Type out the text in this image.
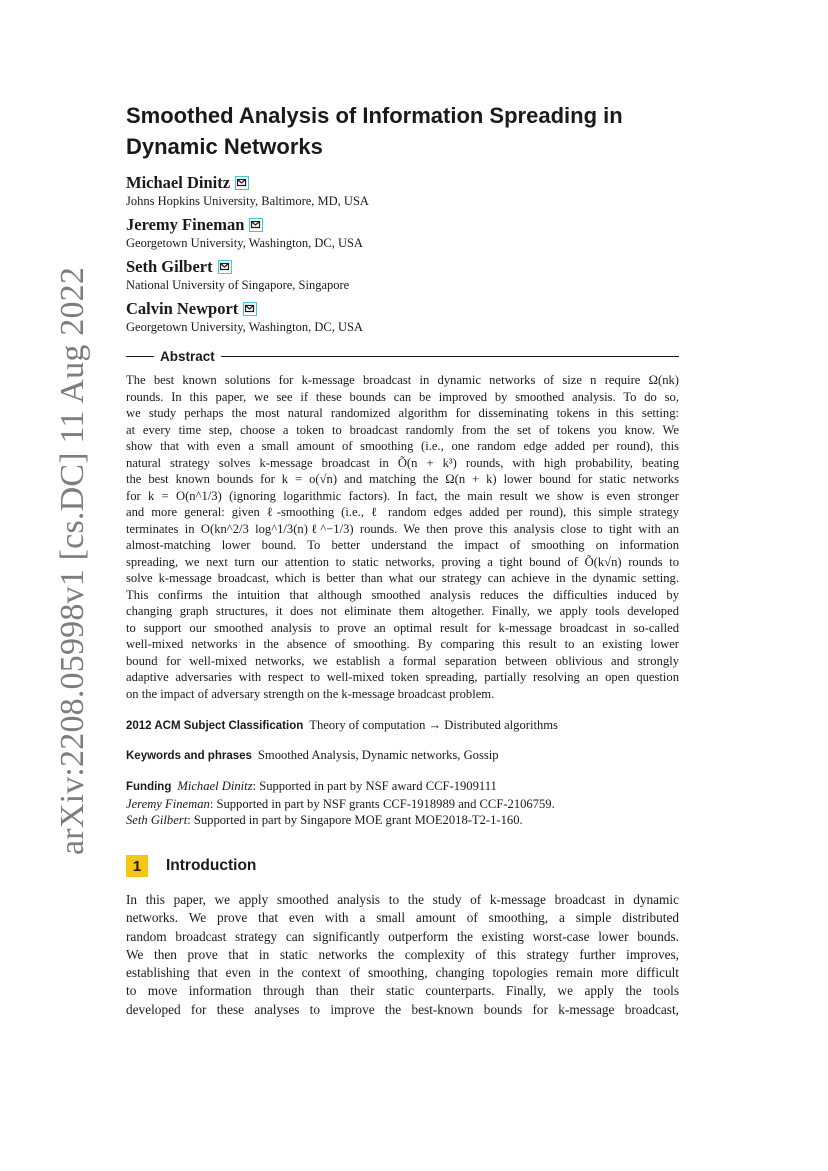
arXiv:2208.05998v1 [cs.DC] 11 Aug 2022
Smoothed Analysis of Information Spreading in
Dynamic Networks
Michael Dinitz
Johns Hopkins University, Baltimore, MD, USA
Jeremy Fineman
Georgetown University, Washington, DC, USA
Seth Gilbert
National University of Singapore, Singapore
Calvin Newport
Georgetown University, Washington, DC, USA
Abstract
The best known solutions for k-message broadcast in dynamic networks of size n require Ω(nk)
rounds. In this paper, we see if these bounds can be improved by smoothed analysis. To do so,
we study perhaps the most natural randomized algorithm for disseminating tokens in this setting:
at every time step, choose a token to broadcast randomly from the set of tokens you know. We
show that with even a small amount of smoothing (i.e., one random edge added per round), this
natural strategy solves k-message broadcast in Õ(n + k³) rounds, with high probability, beating
the best known bounds for k = o(√n) and matching the Ω(n + k) lower bound for static networks
for k = O(n^1/3) (ignoring logarithmic factors). In fact, the main result we show is even stronger
and more general: given ℓ-smoothing (i.e., ℓ random edges added per round), this simple strategy
terminates in O(kn^2/3 log^1/3(n)ℓ^−1/3) rounds. We then prove this analysis close to tight with an
almost-matching lower bound. To better understand the impact of smoothing on information
spreading, we next turn our attention to static networks, proving a tight bound of Õ(k√n) rounds to
solve k-message broadcast, which is better than what our strategy can achieve in the dynamic setting.
This confirms the intuition that although smoothed analysis reduces the difficulties induced by
changing graph structures, it does not eliminate them altogether. Finally, we apply tools developed
to support our smoothed analysis to prove an optimal result for k-message broadcast in so-called
well-mixed networks in the absence of smoothing. By comparing this result to an existing lower
bound for well-mixed networks, we establish a formal separation between oblivious and strongly
adaptive adversaries with respect to well-mixed token spreading, partially resolving an open question
on the impact of adversary strength on the k-message broadcast problem.
2012 ACM Subject Classification Theory of computation → Distributed algorithms
Keywords and phrases Smoothed Analysis, Dynamic networks, Gossip
Funding Michael Dinitz: Supported in part by NSF award CCF-1909111
Jeremy Fineman: Supported in part by NSF grants CCF-1918989 and CCF-2106759.
Seth Gilbert: Supported in part by Singapore MOE grant MOE2018-T2-1-160.
1	Introduction
In this paper, we apply smoothed analysis to the study of k-message broadcast in dynamic
networks. We prove that even with a small amount of smoothing, a simple distributed
random broadcast strategy can significantly outperform the existing worst-case lower bounds.
We then prove that in static networks the complexity of this strategy further improves,
establishing that even in the context of smoothing, changing topologies remain more difficult
to move information through than their static counterparts. Finally, we apply the tools
developed for these analyses to improve the best-known bounds for k-message broadcast,
